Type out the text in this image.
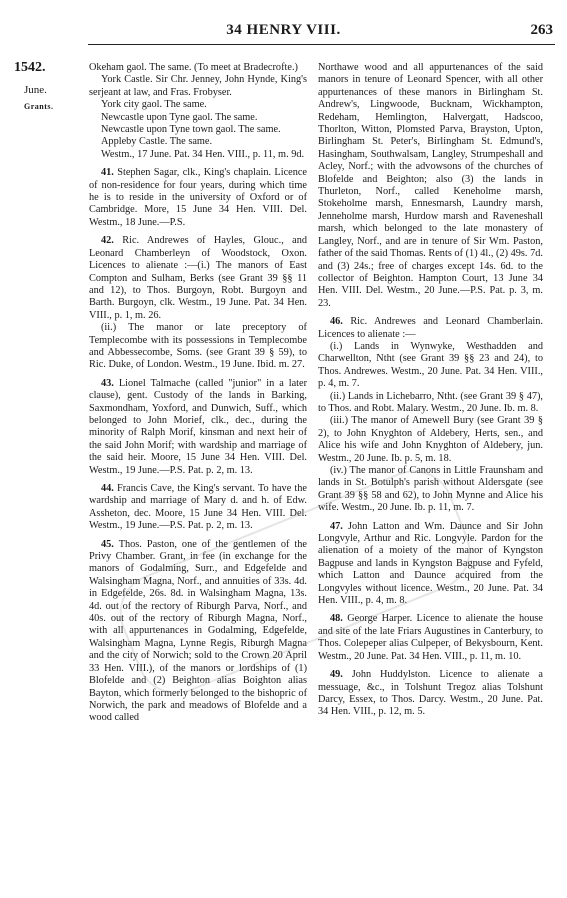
34 HENRY VIII.	263
1542.
June.
Grants.

Okeham gaol. The same. (To meet at Bradecrofte.)

York Castle. Sir Chr. Jenney, John Hynde, King's serjeant at law, and Fras. Frobyser.

York city gaol. The same.

Newcastle upon Tyne gaol. The same.

Newcastle upon Tyne town gaol. The same.

Appleby Castle. The same.

Westm., 17 June. Pat. 34 Hen. VIII., p. 11, m. 9d.

41. Stephen Sagar, clk., King's chaplain. Licence of non-residence for four years, during which time he is to reside in the university of Oxford or of Cambridge. More, 15 June 34 Hen. VIII. Del. Westm., 18 June.—P.S.

42. Ric. Andrewes of Hayles, Glouc., and Leonard Chamberleyn of Woodstock, Oxon. Licences to alienate :—(i.) The manors of East Compton and Sulham, Berks (see Grant 39 §§ 11 and 12), to Thos. Burgoyn, Robt. Burgoyn and Barth. Burgoyn, clk. Westm., 19 June. Pat. 34 Hen. VIII., p. 1, m. 26.

(ii.) The manor or late preceptory of Templecombe with its possessions in Templecombe and Abbessecombe, Soms. (see Grant 39 § 59), to Ric. Duke, of London. Westm., 19 June. Ibid. m. 27.

43. Lionel Talmache (called "junior" in a later clause), gent. Custody of the lands in Barking, Saxmondham, Yoxford, and Dunwich, Suff., which belonged to John Morief, clk., dec., during the minority of Ralph Morif, kinsman and next heir of the said John Morif; with wardship and marriage of the said heir. Moore, 15 June 34 Hen. VIII. Del. Westm., 19 June.—P.S. Pat. p. 2, m. 13.

44. Francis Cave, the King's servant. To have the wardship and marriage of Mary d. and h. of Edw. Assheton, dec. Moore, 15 June 34 Hen. VIII. Del. Westm., 19 June.—P.S. Pat. p. 2, m. 13.

45. Thos. Paston, one of the gentlemen of the Privy Chamber. Grant, in fee (in exchange for the manors of Godalming, Surr., and Edgefelde and Walsingham Magna, Norf., and annuities of 33s. 4d. in Edgefelde, 26s. 8d. in Walsingham Magna, 13s. 4d. out of the rectory of Riburgh Parva, Norf., and 40s. out of the rectory of Riburgh Magna, Norf., with all appurtenances in Godalming, Edgefelde, Walsingham Magna, Lynne Regis, Riburgh Magna and the city of Norwich; sold to the Crown 20 April 33 Hen. VIII.), of the manors or lordships of (1) Blofelde and (2) Beighton alias Boighton alias Bayton, which formerly belonged to the bishopric of Norwich, the park and meadows of Blofelde and a wood called

Northawe wood and all appurtenances of the said manors in tenure of Leonard Spencer, with all other appurtenances of these manors in Birlingham St. Andrew's, Lingwoode, Bucknam, Wickhampton, Redeham, Hemlington, Halvergatt, Hadscoo, Thorlton, Witton, Plomsted Parva, Brayston, Upton, Birlingham St. Peter's, Birlingham St. Edmund's, Hasingham, Southwalsam, Langley, Strumpeshall and Acley, Norf.; with the advowsons of the churches of Blofelde and Beighton; also (3) the lands in Thurleton, Norf., called Keneholme marsh, Stokeholme marsh, Ennesmarsh, Laundry marsh, Jenneholme marsh, Hurdow marsh and Raveneshall marsh, which belonged to the late monastery of Langley, Norf., and are in tenure of Sir Wm. Paston, father of the said Thomas. Rents of (1) 4l., (2) 49s. 7d. and (3) 24s.; free of charges except 14s. 6d. to the collector of Beighton. Hampton Court, 13 June 34 Hen. VIII. Del. Westm., 20 June.—P.S. Pat. p. 3, m. 23.

46. Ric. Andrewes and Leonard Chamberlain. Licences to alienate :—

(i.) Lands in Wynwyke, Westhadden and Charwellton, Ntht (see Grant 39 §§ 23 and 24), to Thos. Andrewes. Westm., 20 June. Pat. 34 Hen. VIII., p. 4, m. 7.

(ii.) Lands in Lichebarro, Ntht. (see Grant 39 § 47), to Thos. and Robt. Malary. Westm., 20 June. Ib. m. 8.

(iii.) The manor of Amewell Bury (see Grant 39 § 2), to John Knyghton of Aldebery, Herts, sen., and Alice his wife and John Knyghton of Aldebery, jun. Westm., 20 June. Ib. p. 5, m. 18.

(iv.) The manor of Canons in Little Fraunsham and lands in St. Botulph's parish without Aldersgate (see Grant 39 §§ 58 and 62), to John Mynne and Alice his wife. Westm., 20 June. Ib. p. 11, m. 7.

47. John Latton and Wm. Daunce and Sir John Longvyle, Arthur and Ric. Longvyle. Pardon for the alienation of a moiety of the manor of Kyngston Bagpuse and lands in Kyngston Bagpuse and Fyfeld, which Latton and Daunce acquired from the Longvyles without licence. Westm., 20 June. Pat. 34 Hen. VIII., p. 4, m. 8.

48. George Harper. Licence to alienate the house and site of the late Friars Augustines in Canterbury, to Thos. Colepeper alias Culpeper, of Bekysbourn, Kent. Westm., 20 June. Pat. 34 Hen. VIII., p. 11, m. 10.

49. John Huddylston. Licence to alienate a messuage, &c., in Tolshunt Tregoz alias Tolshunt Darcy, Essex, to Thos. Darcy. Westm., 20 June. Pat. 34 Hen. VIII., p. 12, m. 5.
